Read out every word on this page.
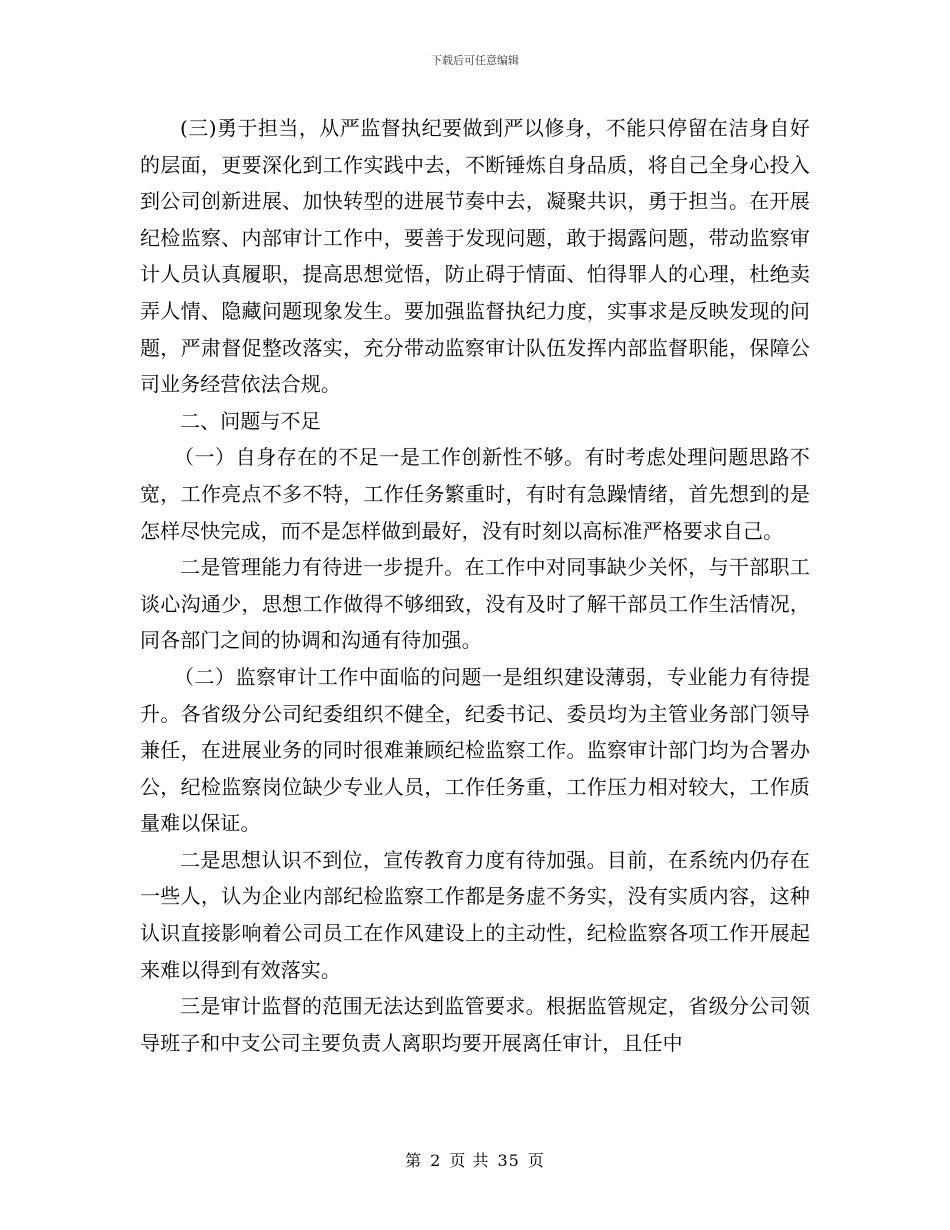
下载后可任意编辑

(三)勇于担当，从严监督执纪要做到严以修身，不能只停留在洁身自好的层面，更要深化到工作实践中去，不断锤炼自身品质，将自己全身心投入到公司创新进展、加快转型的进展节奏中去，凝聚共识，勇于担当。在开展纪检监察、内部审计工作中，要善于发现问题，敢于揭露问题，带动监察审计人员认真履职，提高思想觉悟，防止碍于情面、怕得罪人的心理，杜绝卖弄人情、隐藏问题现象发生。要加强监督执纪力度，实事求是反映发现的问题，严肃督促整改落实，充分带动监察审计队伍发挥内部监督职能，保障公司业务经营依法合规。

二、问题与不足

（一）自身存在的不足一是工作创新性不够。有时考虑处理问题思路不宽，工作亮点不多不特，工作任务繁重时，有时有急躁情绪，首先想到的是怎样尽快完成，而不是怎样做到最好，没有时刻以高标准严格要求自己。

二是管理能力有待进一步提升。在工作中对同事缺少关怀，与干部职工谈心沟通少，思想工作做得不够细致，没有及时了解干部员工作生活情况，同各部门之间的协调和沟通有待加强。

（二）监察审计工作中面临的问题一是组织建设薄弱，专业能力有待提升。各省级分公司纪委组织不健全，纪委书记、委员均为主管业务部门领导兼任，在进展业务的同时很难兼顾纪检监察工作。监察审计部门均为合署办公，纪检监察岗位缺少专业人员，工作任务重，工作压力相对较大，工作质量难以保证。

二是思想认识不到位，宣传教育力度有待加强。目前，在系统内仍存在一些人，认为企业内部纪检监察工作都是务虚不务实，没有实质内容，这种认识直接影响着公司员工在作风建设上的主动性，纪检监察各项工作开展起来难以得到有效落实。

三是审计监督的范围无法达到监管要求。根据监管规定，省级分公司领导班子和中支公司主要负责人离职均要开展离任审计，且任中

第 2 页 共 35 页
